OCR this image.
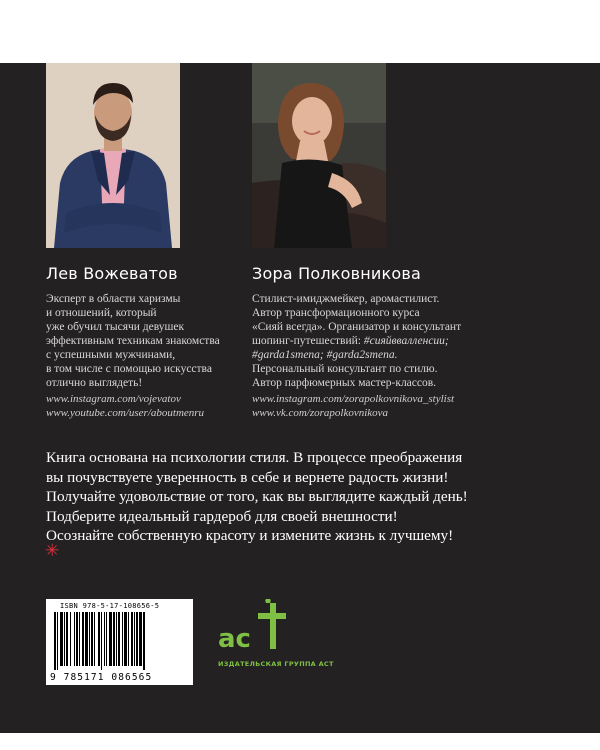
Лев Вожеватов	Зора Полковникова
Эксперт в области харизмы
и отношений, который
уже обучил тысячи девушек
эффективным техникам знакомства
с успешными мужчинами,
в том числе с помощью искусства
отлично выглядеть!
Стилист-имиджмейкер, аромастилист.
Автор трансформационного курса
«Сияй всегда». Организатор и консультант
шопинг-путешествий: #сияйввалленсии;
#garda1smena; #garda2smena.
Персональный консультант по стилю.
Автор парфюмерных мастер-классов.
www.instagram.com/vojevatov
www.youtube.com/user/aboutmenru
www.instagram.com/zorapolkovnikova_stylist
www.vk.com/zorapolkovnikova
Книга основана на психологии стиля. В процессе преображения
вы почувствуете уверенность в себе и вернете радость жизни!
Получайте удовольствие от того, как вы выглядите каждый день!
Подберите идеальный гардероб для своей внешности!
Осознайте собственную красоту и измените жизнь к лучшему!
✳
ISBN 978-5-17-108656-5
9 785171 086565
ас
ИЗДАТЕЛЬСКАЯ ГРУППА АСТ
